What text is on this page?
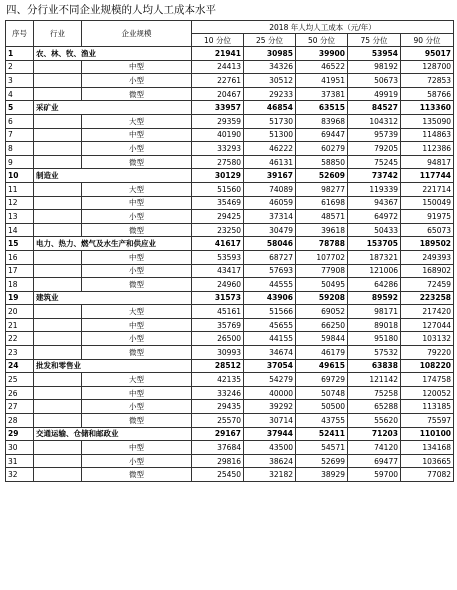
四、分行业不同企业规模的人均人工成本水平
序号	行业	企业规模	2018 年人均人工成本（元/年）				
			10 分位	25 分位	50 分位	75 分位	90 分位
1	农、林、牧、渔业		21941	30985	39900	53954	95017
2		中型	24413	34326	46522	98192	128700
3		小型	22761	30512	41951	50673	72853
4		微型	20467	29233	37381	49919	58766
5	采矿业		33957	46854	63515	84527	113360
6		大型	29359	51730	83968	104312	135090
7		中型	40190	51300	69447	95739	114863
8		小型	33293	46222	60279	79205	112386
9		微型	27580	46131	58850	75245	94817
10	制造业		30129	39167	52609	73742	117744
11		大型	51560	74089	98277	119339	221714
12		中型	35469	46059	61698	94367	150049
13		小型	29425	37314	48571	64972	91975
14		微型	23250	30479	39618	50433	65073
15	电力、热力、燃气及水生产和供应业		41617	58046	78788	153705	189502
16		中型	53593	68727	107702	187321	249393
17		小型	43417	57693	77908	121006	168902
18		微型	24960	44555	50495	64286	72459
19	建筑业		31573	43906	59208	89592	223258
20		大型	45161	51566	69052	98171	217420
21		中型	35769	45655	66250	89018	127044
22		小型	26500	44155	59844	95180	103132
23		微型	30993	34674	46179	57532	79220
24	批发和零售业		28512	37054	49615	63838	108220
25		大型	42135	54279	69729	121142	174758
26		中型	33246	40000	50748	75258	120052
27		小型	29435	39292	50500	65288	113185
28		微型	25570	30714	43755	55620	75597
29	交通运输、仓储和邮政业		29167	37944	52411	71203	110100
30		中型	37684	43500	54571	74120	134168
31		小型	29816	38624	52699	69477	103665
32		微型	25450	32182	38929	59700	77082
